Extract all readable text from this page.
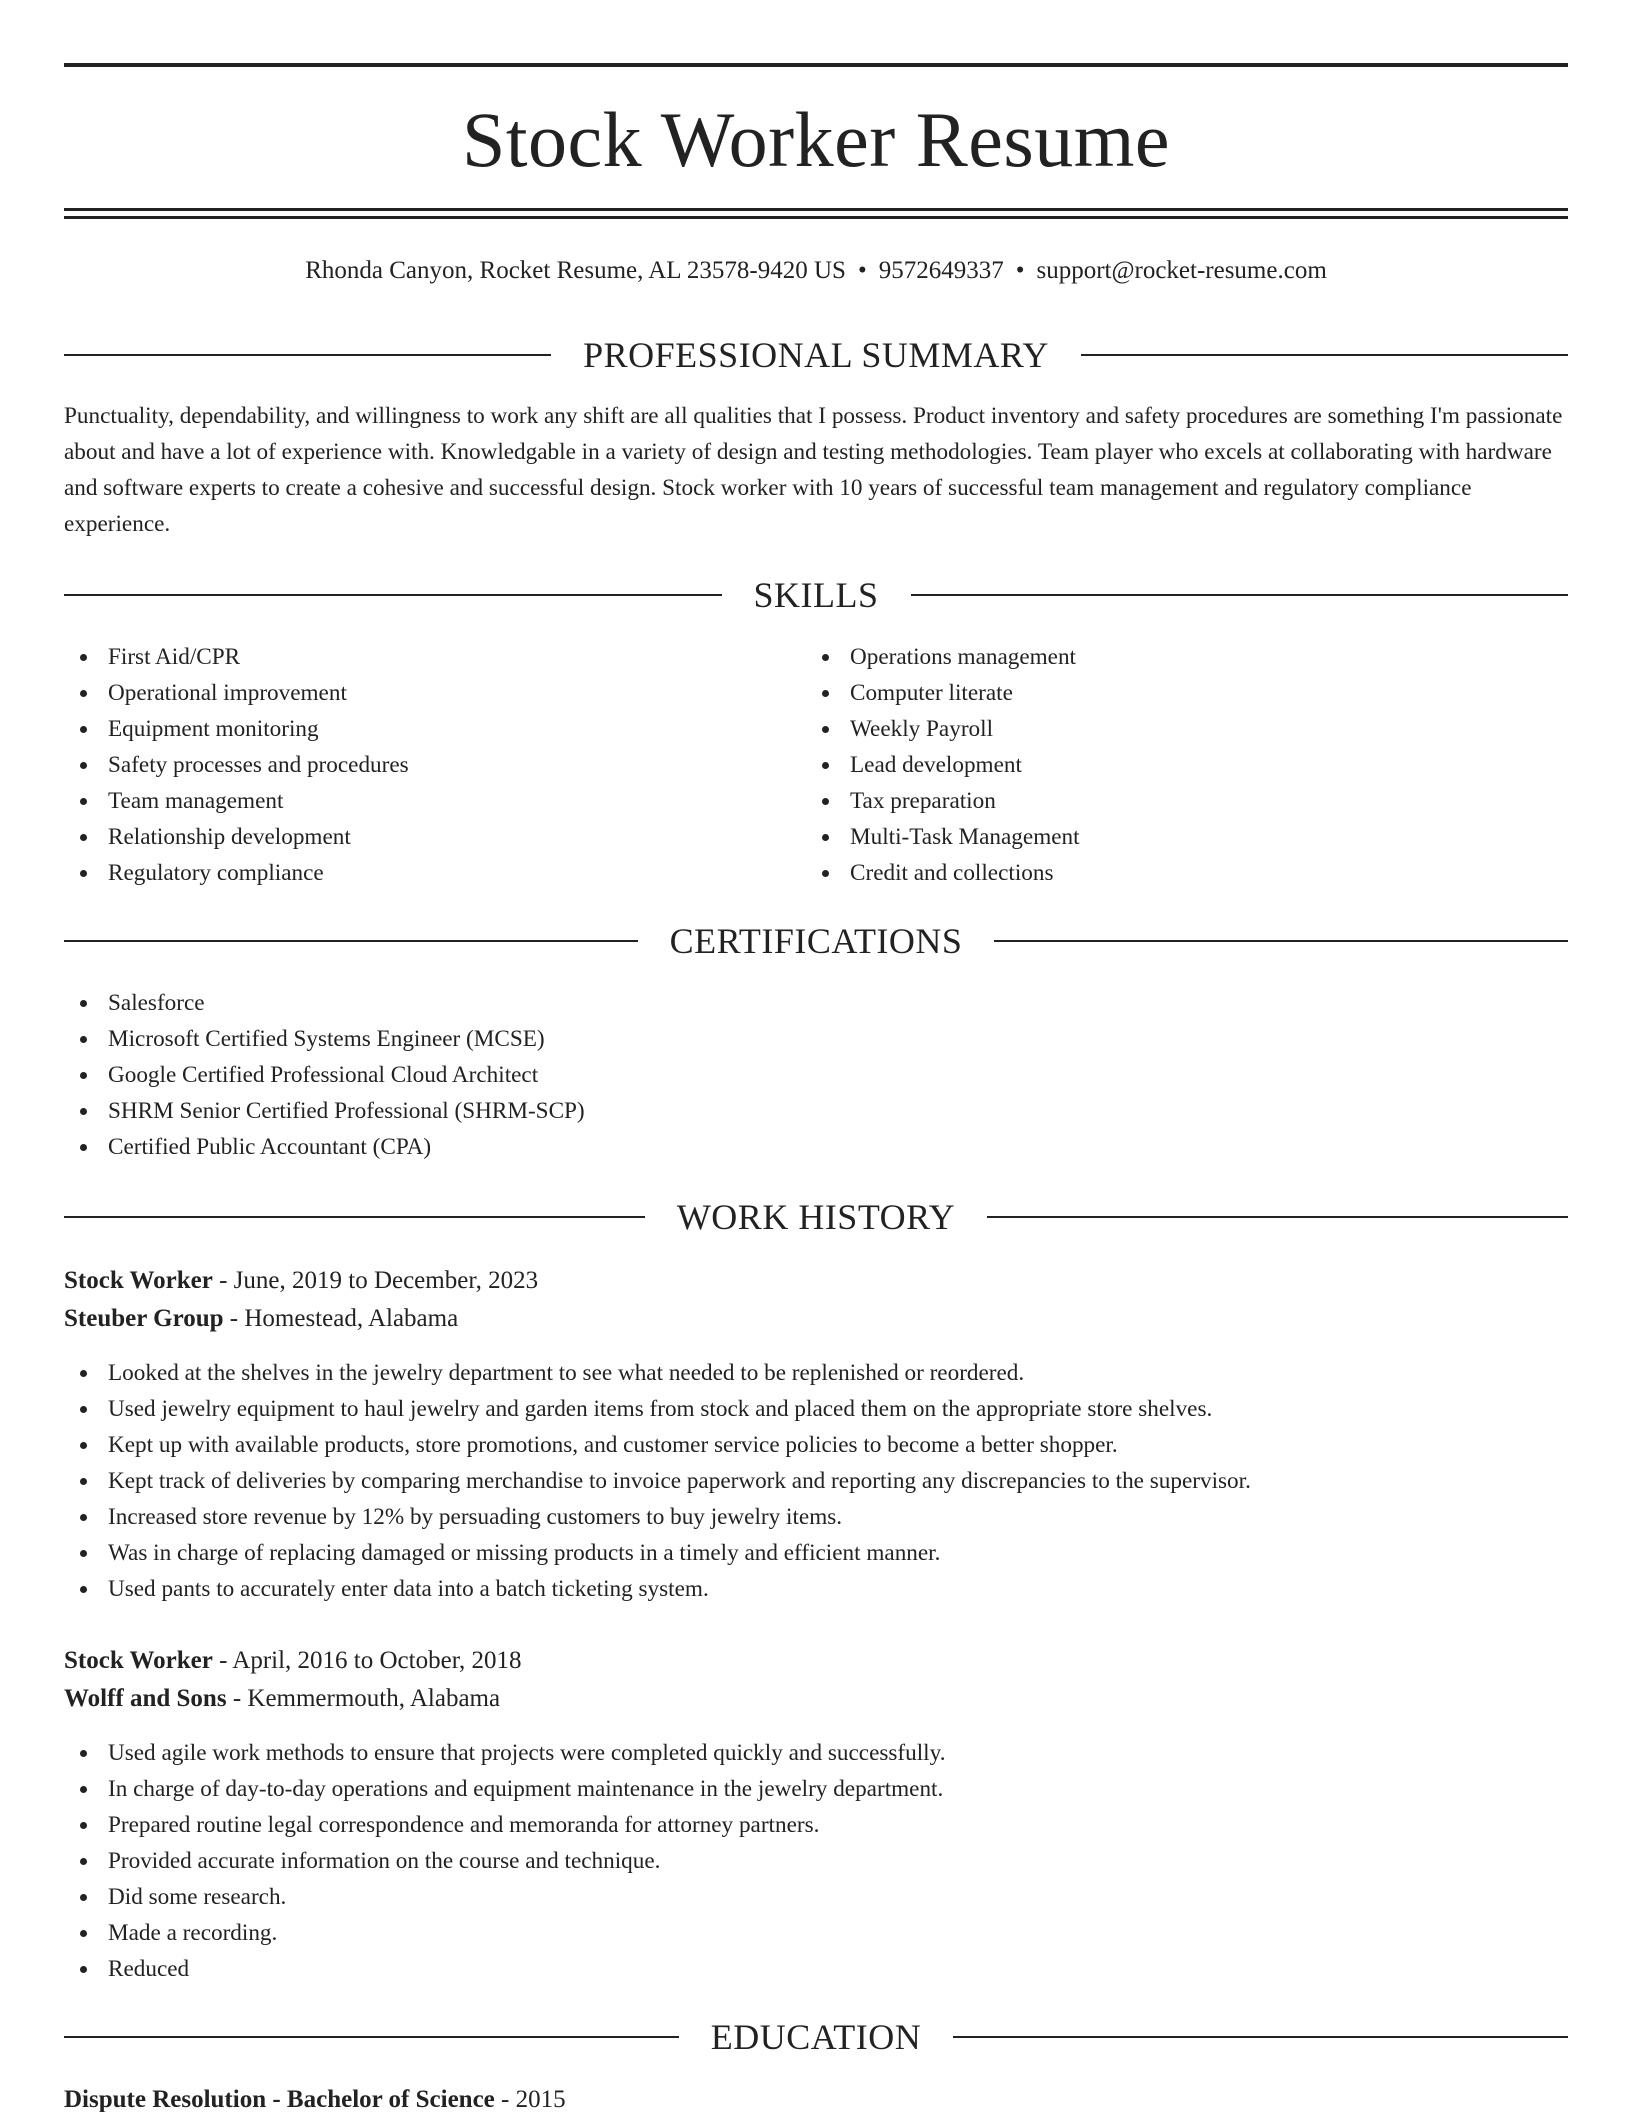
Stock Worker Resume
Rhonda Canyon, Rocket Resume, AL 23578-9420 US • 9572649337 • support@rocket-resume.com
PROFESSIONAL SUMMARY

Punctuality, dependability, and willingness to work any shift are all qualities that I possess. Product inventory and safety procedures are something I'm passionate about and have a lot of experience with. Knowledgable in a variety of design and testing methodologies. Team player who excels at collaborating with hardware and software experts to create a cohesive and successful design. Stock worker with 10 years of successful team management and regulatory compliance experience.

SKILLS
First Aid/CPR
Operational improvement
Equipment monitoring
Safety processes and procedures
Team management
Relationship development
Regulatory compliance
Operations management
Computer literate
Weekly Payroll
Lead development
Tax preparation
Multi-Task Management
Credit and collections
CERTIFICATIONS
Salesforce
Microsoft Certified Systems Engineer (MCSE)
Google Certified Professional Cloud Architect
SHRM Senior Certified Professional (SHRM-SCP)
Certified Public Accountant (CPA)
WORK HISTORY
Stock Worker - June, 2019 to December, 2023
Steuber Group - Homestead, Alabama
Looked at the shelves in the jewelry department to see what needed to be replenished or reordered.
Used jewelry equipment to haul jewelry and garden items from stock and placed them on the appropriate store shelves.
Kept up with available products, store promotions, and customer service policies to become a better shopper.
Kept track of deliveries by comparing merchandise to invoice paperwork and reporting any discrepancies to the supervisor.
Increased store revenue by 12% by persuading customers to buy jewelry items.
Was in charge of replacing damaged or missing products in a timely and efficient manner.
Used pants to accurately enter data into a batch ticketing system.
Stock Worker - April, 2016 to October, 2018
Wolff and Sons - Kemmermouth, Alabama
Used agile work methods to ensure that projects were completed quickly and successfully.
In charge of day-to-day operations and equipment maintenance in the jewelry department.
Prepared routine legal correspondence and memoranda for attorney partners.
Provided accurate information on the course and technique.
Did some research.
Made a recording.
Reduced
EDUCATION
Dispute Resolution - Bachelor of Science - 2015
